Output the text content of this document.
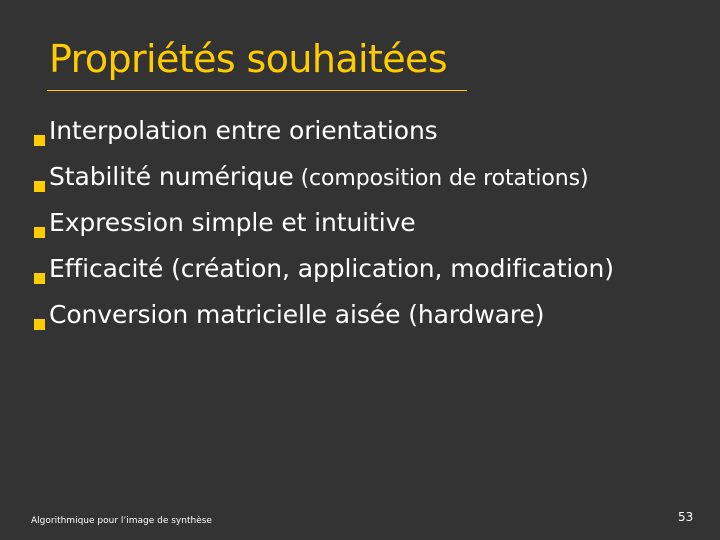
Propriétés souhaitées
Interpolation entre orientations
Stabilité numérique (composition de rotations)
Expression simple et intuitive
Efficacité (création, application, modification)
Conversion matricielle aisée (hardware)
Algorithmique pour l’image de synthèse	53
